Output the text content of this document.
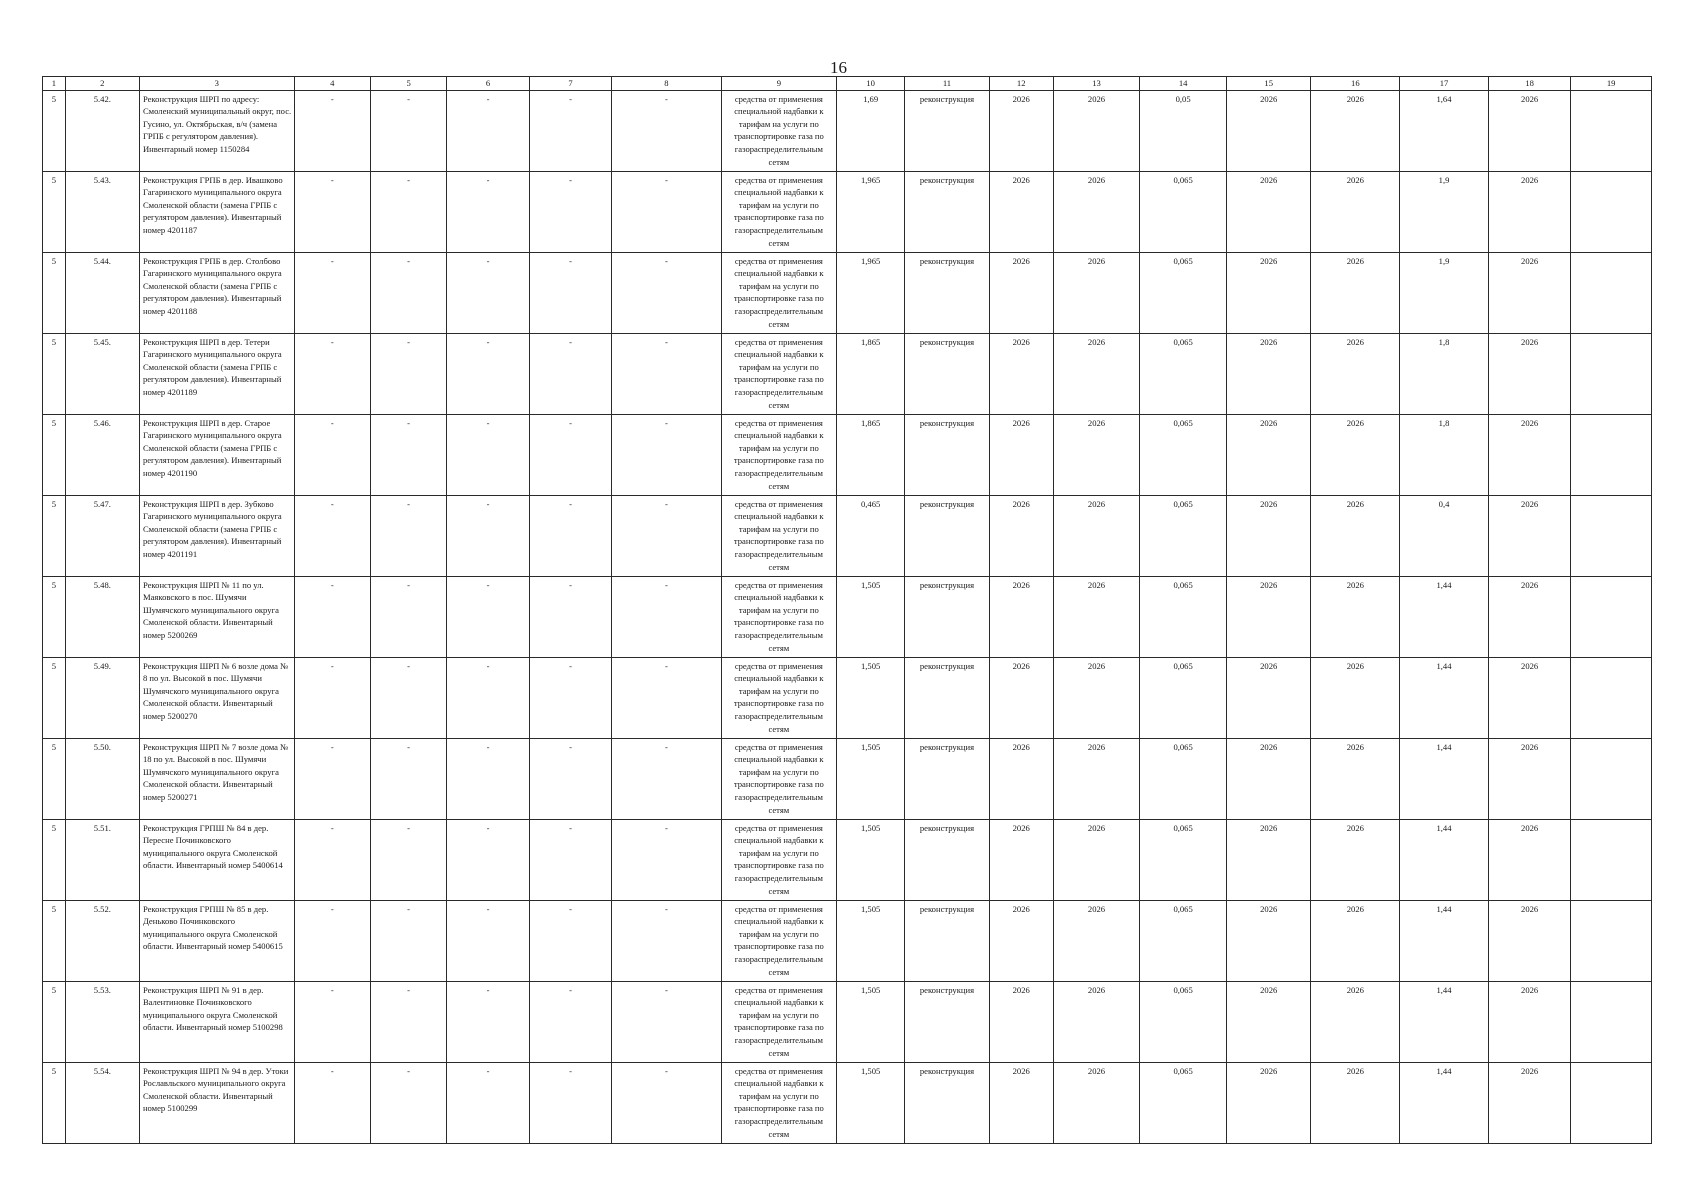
16
1	2	3	4	5	6	7	8	9	10	11	12	13	14	15	16	17	18	19
5	5.42.	Реконструкция ШРП по адресу: Смоленский муниципальный округ, пос. Гусино, ул. Октябрьская, в/ч (замена ГРПБ с регулятором давления). Инвентарный номер 1150284	-	-	-	-	-	средства от применения специальной надбавки к тарифам на услуги по транспортировке газа по газораспределительным сетям	1,69	реконструкция	2026	2026	0,05	2026	2026	1,64	2026	
5	5.43.	Реконструкция ГРПБ в дер. Ивашково Гагаринского муниципального округа Смоленской области (замена ГРПБ с регулятором давления). Инвентарный номер 4201187	-	-	-	-	-	средства от применения специальной надбавки к тарифам на услуги по транспортировке газа по газораспределительным сетям	1,965	реконструкция	2026	2026	0,065	2026	2026	1,9	2026	
5	5.44.	Реконструкция ГРПБ в дер. Столбово Гагаринского муниципального округа Смоленской области (замена ГРПБ с регулятором давления). Инвентарный номер 4201188	-	-	-	-	-	средства от применения специальной надбавки к тарифам на услуги по транспортировке газа по газораспределительным сетям	1,965	реконструкция	2026	2026	0,065	2026	2026	1,9	2026	
5	5.45.	Реконструкция ШРП в дер. Тетери Гагаринского муниципального округа Смоленской области (замена ГРПБ с регулятором давления). Инвентарный номер 4201189	-	-	-	-	-	средства от применения специальной надбавки к тарифам на услуги по транспортировке газа по газораспределительным сетям	1,865	реконструкция	2026	2026	0,065	2026	2026	1,8	2026	
5	5.46.	Реконструкция ШРП в дер. Старое Гагаринского муниципального округа Смоленской области (замена ГРПБ с регулятором давления). Инвентарный номер 4201190	-	-	-	-	-	средства от применения специальной надбавки к тарифам на услуги по транспортировке газа по газораспределительным сетям	1,865	реконструкция	2026	2026	0,065	2026	2026	1,8	2026	
5	5.47.	Реконструкция ШРП в дер. Зубково Гагаринского муниципального округа Смоленской области (замена ГРПБ с регулятором давления). Инвентарный номер 4201191	-	-	-	-	-	средства от применения специальной надбавки к тарифам на услуги по транспортировке газа по газораспределительным сетям	0,465	реконструкция	2026	2026	0,065	2026	2026	0,4	2026	
5	5.48.	Реконструкция ШРП № 11 по ул. Маяковского в пос. Шумячи Шумячского муниципального округа Смоленской области. Инвентарный номер 5200269	-	-	-	-	-	средства от применения специальной надбавки к тарифам на услуги по транспортировке газа по газораспределительным сетям	1,505	реконструкция	2026	2026	0,065	2026	2026	1,44	2026	
5	5.49.	Реконструкция ШРП № 6 возле дома № 8 по ул. Высокой в пос. Шумячи Шумячского муниципального округа Смоленской области. Инвентарный номер 5200270	-	-	-	-	-	средства от применения специальной надбавки к тарифам на услуги по транспортировке газа по газораспределительным сетям	1,505	реконструкция	2026	2026	0,065	2026	2026	1,44	2026	
5	5.50.	Реконструкция ШРП № 7 возле дома № 18 по ул. Высокой в пос. Шумячи Шумячского муниципального округа Смоленской области. Инвентарный номер 5200271	-	-	-	-	-	средства от применения специальной надбавки к тарифам на услуги по транспортировке газа по газораспределительным сетям	1,505	реконструкция	2026	2026	0,065	2026	2026	1,44	2026	
5	5.51.	Реконструкция ГРПШ № 84 в дер. Пересне Починковского муниципального округа Смоленской области. Инвентарный номер 5400614	-	-	-	-	-	средства от применения специальной надбавки к тарифам на услуги по транспортировке газа по газораспределительным сетям	1,505	реконструкция	2026	2026	0,065	2026	2026	1,44	2026	
5	5.52.	Реконструкция ГРПШ № 85 в дер. Деньково Починковского муниципального округа Смоленской области. Инвентарный номер 5400615	-	-	-	-	-	средства от применения специальной надбавки к тарифам на услуги по транспортировке газа по газораспределительным сетям	1,505	реконструкция	2026	2026	0,065	2026	2026	1,44	2026	
5	5.53.	Реконструкция ШРП № 91 в дер. Валентиновке Починковского муниципального округа Смоленской области. Инвентарный номер 5100298	-	-	-	-	-	средства от применения специальной надбавки к тарифам на услуги по транспортировке газа по газораспределительным сетям	1,505	реконструкция	2026	2026	0,065	2026	2026	1,44	2026	
5	5.54.	Реконструкция ШРП № 94 в дер. Утоки Рославльского муниципального округа Смоленской области. Инвентарный номер 5100299	-	-	-	-	-	средства от применения специальной надбавки к тарифам на услуги по транспортировке газа по газораспределительным сетям	1,505	реконструкция	2026	2026	0,065	2026	2026	1,44	2026	
